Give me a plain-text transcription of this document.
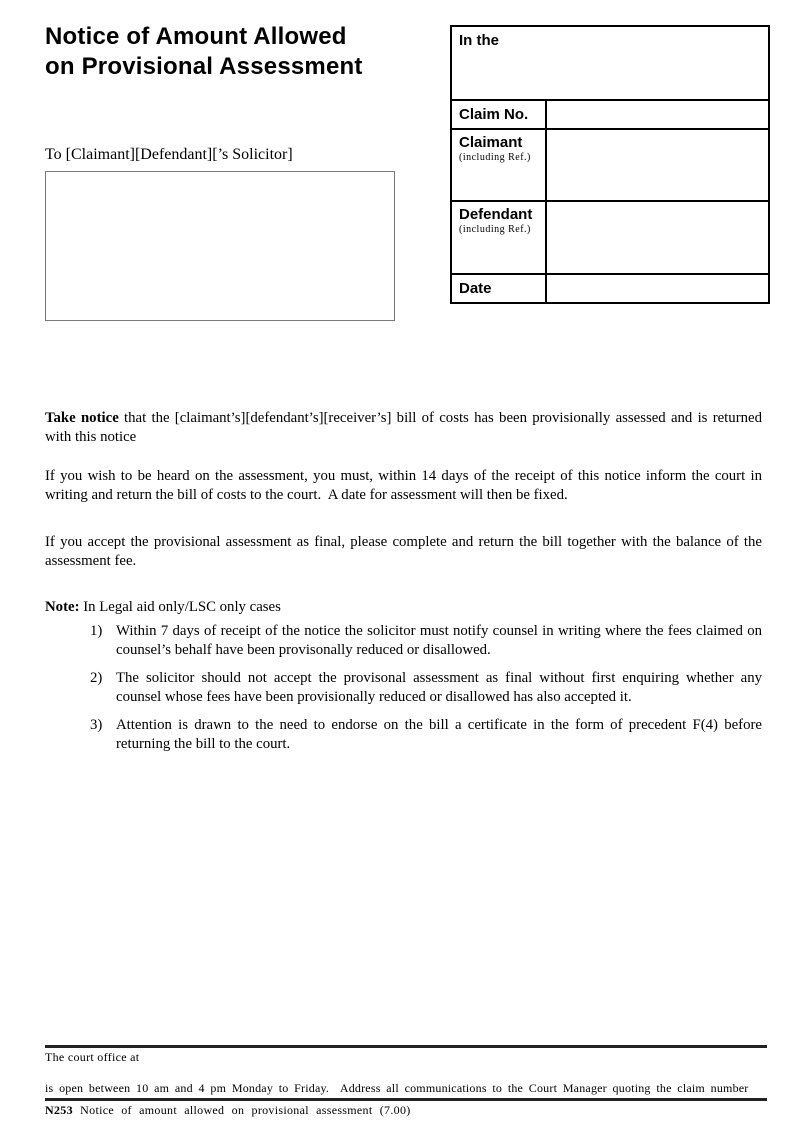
Notice of Amount Allowed
on Provisional Assessment
In the
Claim No.
Claimant
(including Ref.)
Defendant
(including Ref.)
Date
To [Claimant][Defendant][’s Solicitor]

Take notice that the [claimant’s][defendant’s][receiver’s] bill of costs has been provisionally assessed and is returned with this notice

If you wish to be heard on the assessment, you must, within 14 days of the receipt of this notice inform the court in writing and return the bill of costs to the court.  A date for assessment will then be fixed.

If you accept the provisional assessment as final, please complete and return the bill together with the balance of the assessment fee.

Note: In Legal aid only/LSC only cases

1) Within 7 days of receipt of the notice the solicitor must notify counsel in writing where the fees claimed on counsel’s behalf have been provisonally reduced or disallowed.
2) The solicitor should not accept the provisonal assessment as final without first enquiring whether any counsel whose fees have been provisionally reduced or disallowed has also accepted it.
3) Attention is drawn to the need to endorse on the bill a certificate in the form of precedent F(4) before returning the bill to the court.
The court office at
is open between 10 am and 4 pm Monday to Friday.  Address all communications to the Court Manager quoting the claim number
N253 Notice of amount allowed on provisional assessment (7.00)
